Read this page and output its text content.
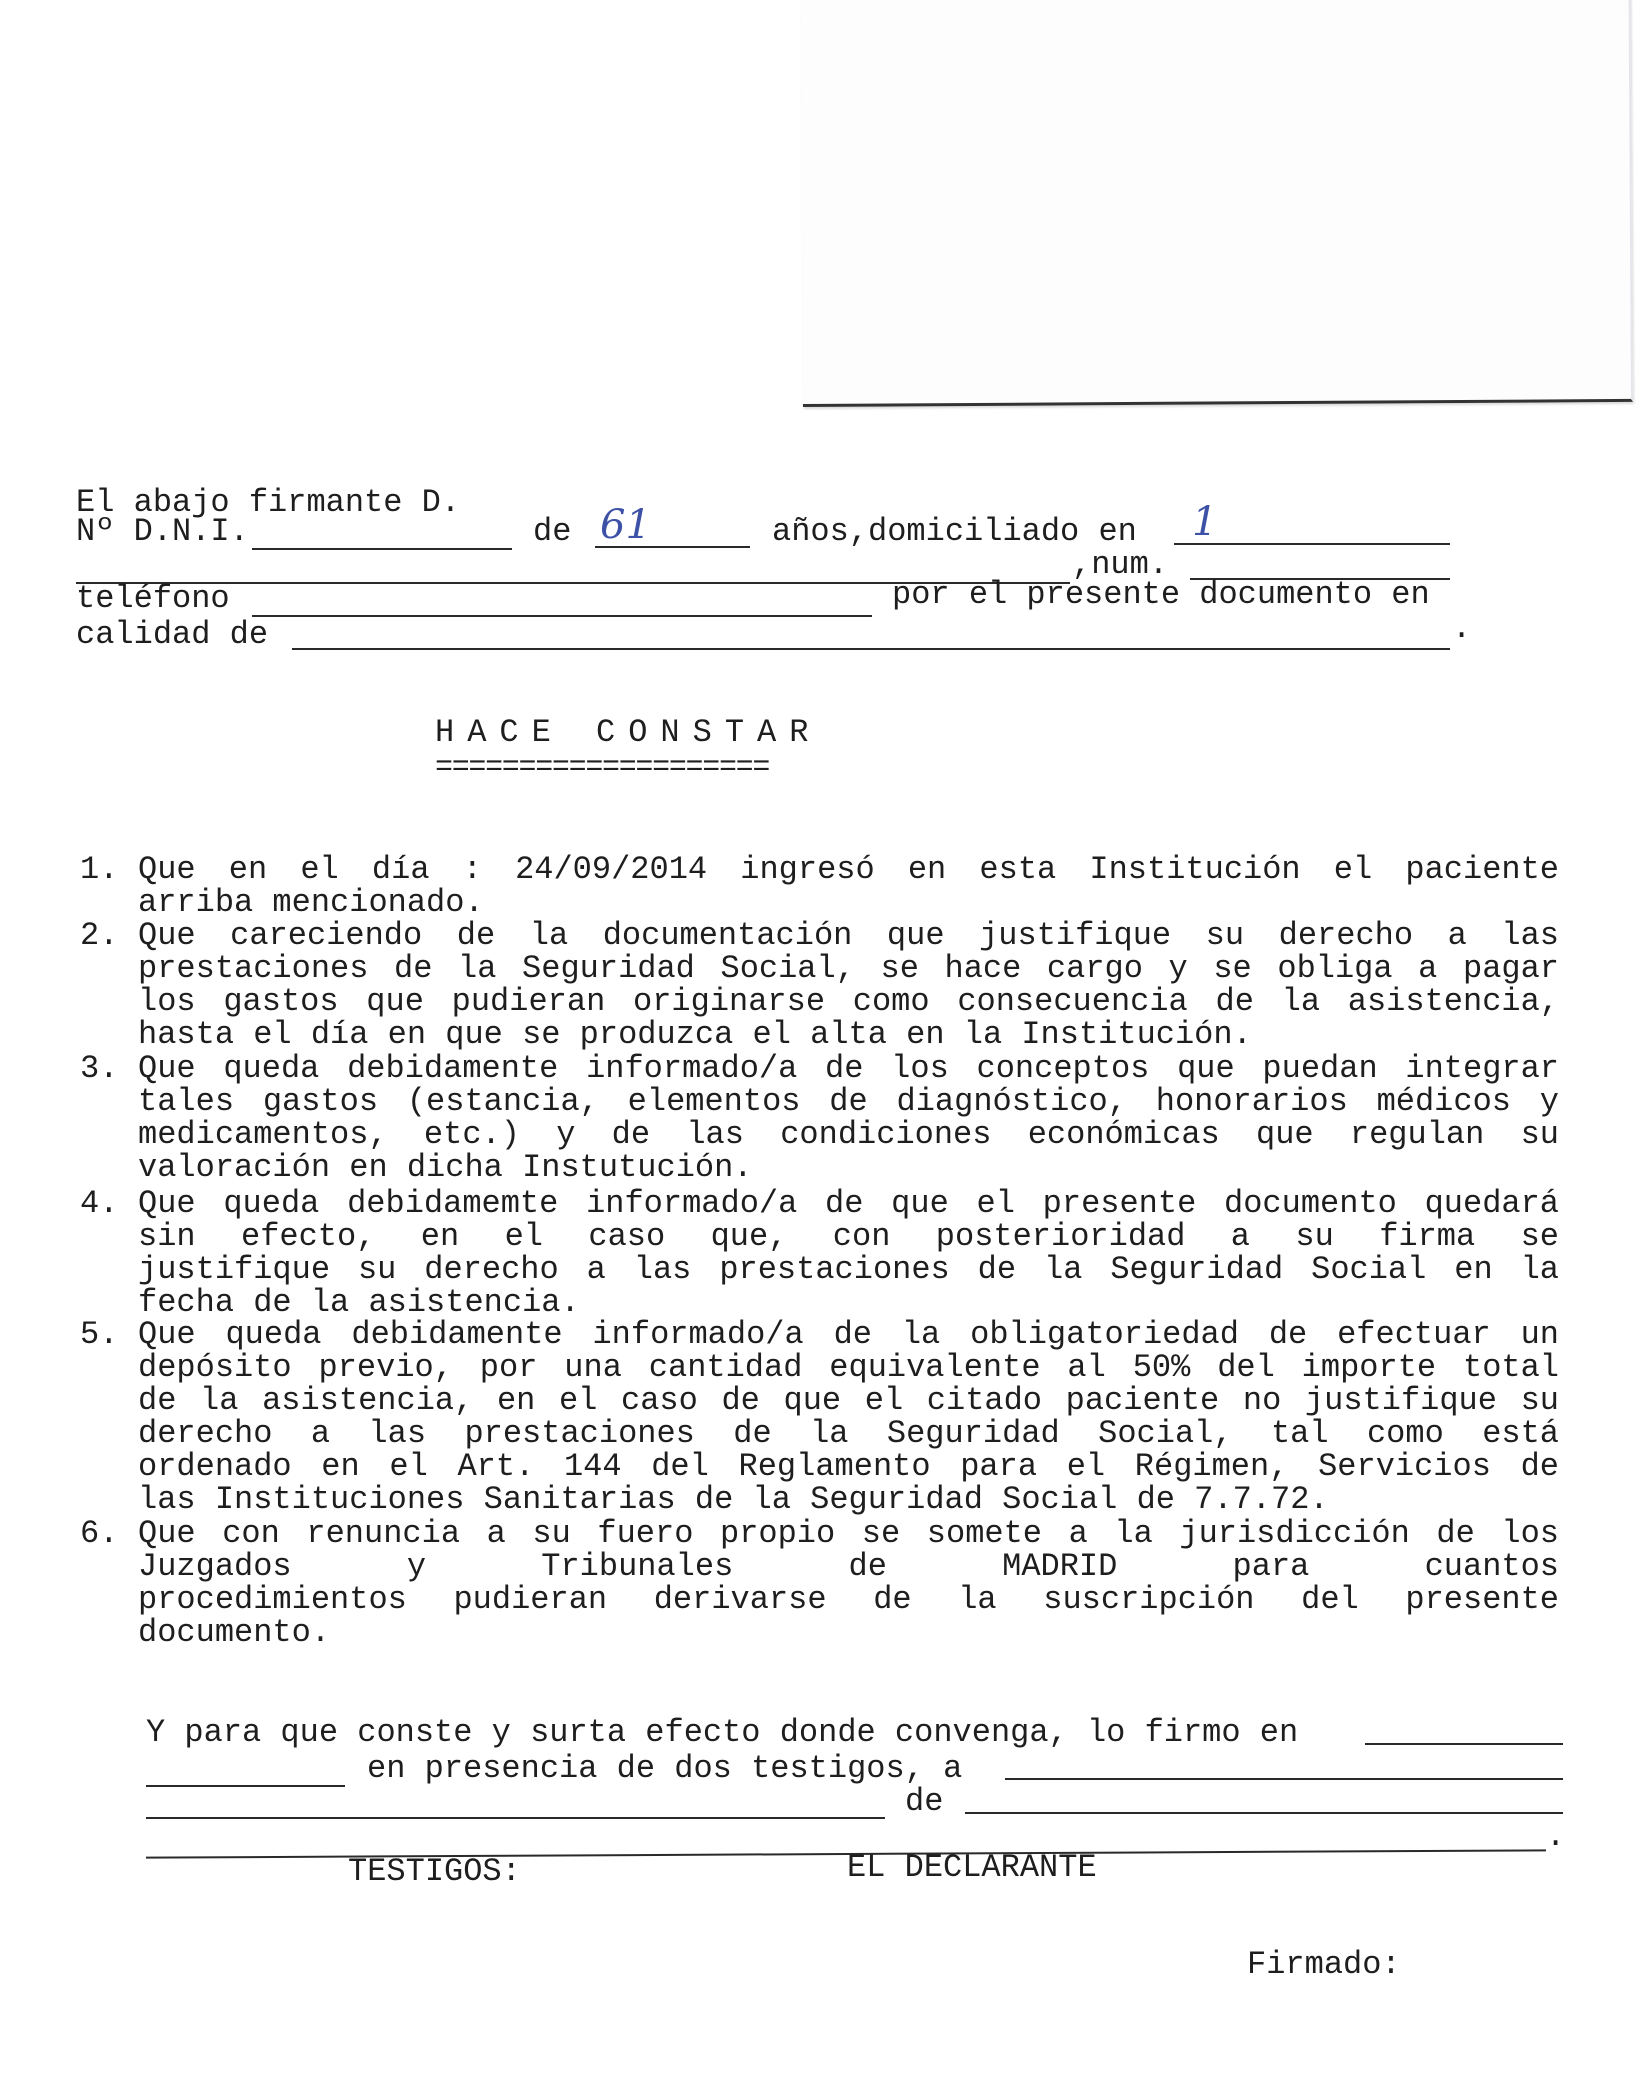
El abajo firmante D.
Nº D.N.I.	de 61	años,domiciliado en 1
,num.
teléfono	por el presente documento en
calidad de	.
HACE CONSTAR
====================
1. Que en el día : 24/09/2014 ingresó en esta Institución el paciente
arriba mencionado.
2. Que careciendo de la documentación que justifique su derecho a las
prestaciones de la Seguridad Social, se hace cargo y se obliga a pagar
los gastos que pudieran originarse como consecuencia de la asistencia,
hasta el día en que se produzca el alta en la Institución.
3. Que queda debidamente informado/a de los conceptos que puedan integrar
tales gastos (estancia, elementos de diagnóstico, honorarios médicos y
medicamentos, etc.) y de las condiciones económicas que regulan su
valoración en dicha Instutución.
4. Que queda debidamemte informado/a de que el presente documento quedará
sin efecto, en el caso que, con posterioridad a su firma se
justifique su derecho a las prestaciones de la Seguridad Social en la
fecha de la asistencia.
5. Que queda debidamente informado/a de la obligatoriedad de efectuar un
depósito previo, por una cantidad equivalente al 50% del importe total
de la asistencia, en el caso de que el citado paciente no justifique su
derecho a las prestaciones de la Seguridad Social, tal como está
ordenado en el Art. 144 del Reglamento para el Régimen, Servicios de
las Instituciones Sanitarias de la Seguridad Social de 7.7.72.
6. Que con renuncia a su fuero propio se somete a la jurisdicción de los
Juzgados y Tribunales de MADRID para cuantos
procedimientos pudieran derivarse de la suscripción del presente
documento.
Y para que conste y surta efecto donde convenga, lo firmo en
en presencia de dos testigos, a
de
.
TESTIGOS:	EL DECLARANTE
Firmado:
